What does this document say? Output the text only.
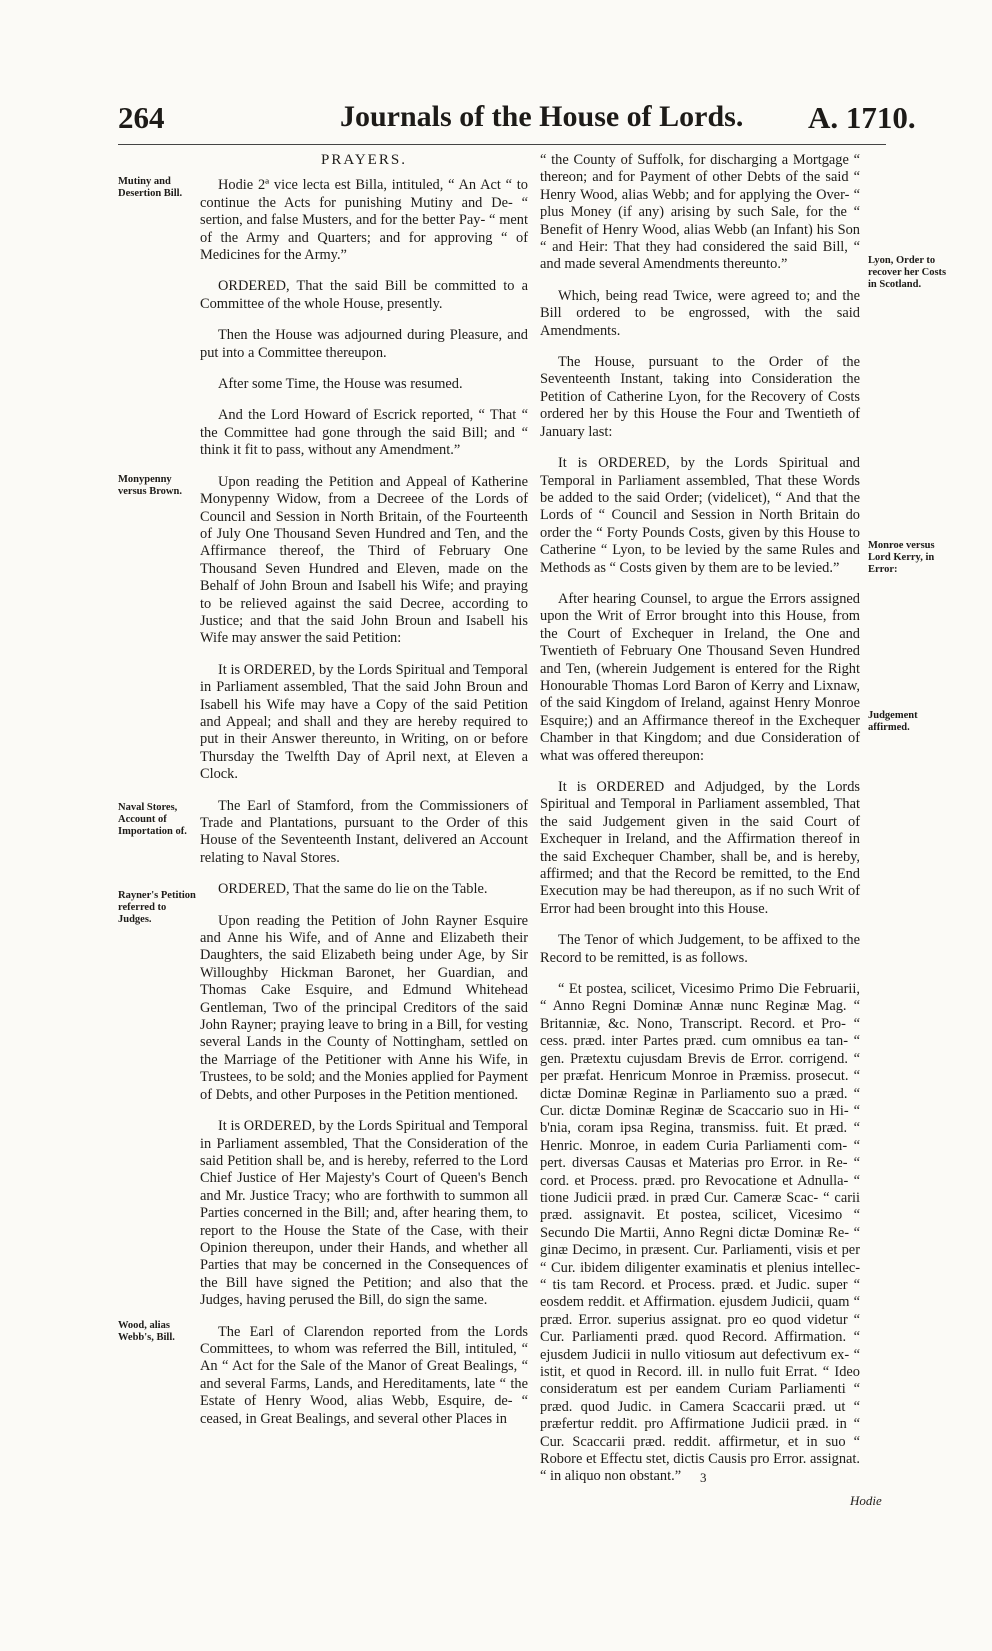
264	Journals of the House of Lords. A. 1710.
Mutiny and Desertion Bill.
Monypenny versus Brown.
Naval Stores, Account of Importation of.
Rayner's Petition referred to Judges.
Wood, alias Webb's, Bill.
Lyon, Order to recover her Costs in Scotland.
Monroe versus Lord Kerry, in Error:
Judgement affirmed.
PRAYERS.

Hodie 2ª vice lecta est Billa, intituled, “ An Act “ to continue the Acts for punishing Mutiny and De- “ sertion, and false Musters, and for the better Pay- “ ment of the Army and Quarters; and for approving “ of Medicines for the Army.”

ORDERED, That the said Bill be committed to a Committee of the whole House, presently.

Then the House was adjourned during Pleasure, and put into a Committee thereupon.

After some Time, the House was resumed.

And the Lord Howard of Escrick reported, “ That “ the Committee had gone through the said Bill; and “ think it fit to pass, without any Amendment.”

Upon reading the Petition and Appeal of Katherine Monypenny Widow, from a Decreee of the Lords of Council and Session in North Britain, of the Fourteenth of July One Thousand Seven Hundred and Ten, and the Affirmance thereof, the Third of February One Thousand Seven Hundred and Eleven, made on the Behalf of John Broun and Isabell his Wife; and praying to be relieved against the said Decree, according to Justice; and that the said John Broun and Isabell his Wife may answer the said Petition:

It is ORDERED, by the Lords Spiritual and Temporal in Parliament assembled, That the said John Broun and Isabell his Wife may have a Copy of the said Petition and Appeal; and shall and they are hereby required to put in their Answer thereunto, in Writing, on or before Thursday the Twelfth Day of April next, at Eleven a Clock.

The Earl of Stamford, from the Commissioners of Trade and Plantations, pursuant to the Order of this House of the Seventeenth Instant, delivered an Account relating to Naval Stores.

ORDERED, That the same do lie on the Table.

Upon reading the Petition of John Rayner Esquire and Anne his Wife, and of Anne and Elizabeth their Daughters, the said Elizabeth being under Age, by Sir Willoughby Hickman Baronet, her Guardian, and Thomas Cake Esquire, and Edmund Whitehead Gentleman, Two of the principal Creditors of the said John Rayner; praying leave to bring in a Bill, for vesting several Lands in the County of Nottingham, settled on the Marriage of the Petitioner with Anne his Wife, in Trustees, to be sold; and the Monies applied for Payment of Debts, and other Purposes in the Petition mentioned.

It is ORDERED, by the Lords Spiritual and Temporal in Parliament assembled, That the Consideration of the said Petition shall be, and is hereby, referred to the Lord Chief Justice of Her Majesty's Court of Queen's Bench and Mr. Justice Tracy; who are forthwith to summon all Parties concerned in the Bill; and, after hearing them, to report to the House the State of the Case, with their Opinion thereupon, under their Hands, and whether all Parties that may be concerned in the Consequences of the Bill have signed the Petition; and also that the Judges, having perused the Bill, do sign the same.

The Earl of Clarendon reported from the Lords Committees, to whom was referred the Bill, intituled, “ An “ Act for the Sale of the Manor of Great Bealings, “ and several Farms, Lands, and Hereditaments, late “ the Estate of Henry Wood, alias Webb, Esquire, de- “ ceased, in Great Bealings, and several other Places in

“ the County of Suffolk, for discharging a Mortgage “ thereon; and for Payment of other Debts of the said “ Henry Wood, alias Webb; and for applying the Over- “ plus Money (if any) arising by such Sale, for the “ Benefit of Henry Wood, alias Webb (an Infant) his Son “ and Heir: That they had considered the said Bill, “ and made several Amendments thereunto.”

Which, being read Twice, were agreed to; and the Bill ordered to be engrossed, with the said Amendments.

The House, pursuant to the Order of the Seventeenth Instant, taking into Consideration the Petition of Catherine Lyon, for the Recovery of Costs ordered her by this House the Four and Twentieth of January last:

It is ORDERED, by the Lords Spiritual and Temporal in Parliament assembled, That these Words be added to the said Order; (videlicet), “ And that the Lords of “ Council and Session in North Britain do order the “ Forty Pounds Costs, given by this House to Catherine “ Lyon, to be levied by the same Rules and Methods as “ Costs given by them are to be levied.”

After hearing Counsel, to argue the Errors assigned upon the Writ of Error brought into this House, from the Court of Exchequer in Ireland, the One and Twentieth of February One Thousand Seven Hundred and Ten, (wherein Judgement is entered for the Right Honourable Thomas Lord Baron of Kerry and Lixnaw, of the said Kingdom of Ireland, against Henry Monroe Esquire;) and an Affirmance thereof in the Exchequer Chamber in that Kingdom; and due Consideration of what was offered thereupon:

It is ORDERED and Adjudged, by the Lords Spiritual and Temporal in Parliament assembled, That the said Judgement given in the said Court of Exchequer in Ireland, and the Affirmation thereof in the said Exchequer Chamber, shall be, and is hereby, affirmed; and that the Record be remitted, to the End Execution may be had thereupon, as if no such Writ of Error had been brought into this House.

The Tenor of which Judgement, to be affixed to the Record to be remitted, is as follows.

“ Et postea, scilicet, Vicesimo Primo Die Februarii, “ Anno Regni Dominæ Annæ nunc Reginæ Mag. “ Britanniæ, &c. Nono, Transcript. Record. et Pro- “ cess. præd. inter Partes præd. cum omnibus ea tan- “ gen. Prætextu cujusdam Brevis de Error. corrigend. “ per præfat. Henricum Monroe in Præmiss. prosecut. “ dictæ Dominæ Reginæ in Parliamento suo a præd. “ Cur. dictæ Dominæ Reginæ de Scaccario suo in Hi- “ b'nia, coram ipsa Regina, transmiss. fuit. Et præd. “ Henric. Monroe, in eadem Curia Parliamenti com- “ pert. diversas Causas et Materias pro Error. in Re- “ cord. et Process. præd. pro Revocatione et Adnulla- “ tione Judicii præd. in præd Cur. Cameræ Scac- “ carii præd. assignavit. Et postea, scilicet, Vicesimo “ Secundo Die Martii, Anno Regni dictæ Dominæ Re- “ ginæ Decimo, in præsent. Cur. Parliamenti, visis et per “ Cur. ibidem diligenter examinatis et plenius intellec- “ tis tam Record. et Process. præd. et Judic. super “ eosdem reddit. et Affirmation. ejusdem Judicii, quam “ præd. Error. superius assignat. pro eo quod videtur “ Cur. Parliamenti præd. quod Record. Affirmation. “ ejusdem Judicii in nullo vitiosum aut defectivum ex- “ istit, et quod in Record. ill. in nullo fuit Errat. “ Ideo consideratum est per eandem Curiam Parliamenti “ præd. quod Judic. in Camera Scaccarii præd. ut “ præfertur reddit. pro Affirmatione Judicii præd. in “ Cur. Scaccarii præd. reddit. affirmetur, et in suo “ Robore et Effectu stet, dictis Causis pro Error. assignat. “ in aliquo non obstant.”	3
Hodie
